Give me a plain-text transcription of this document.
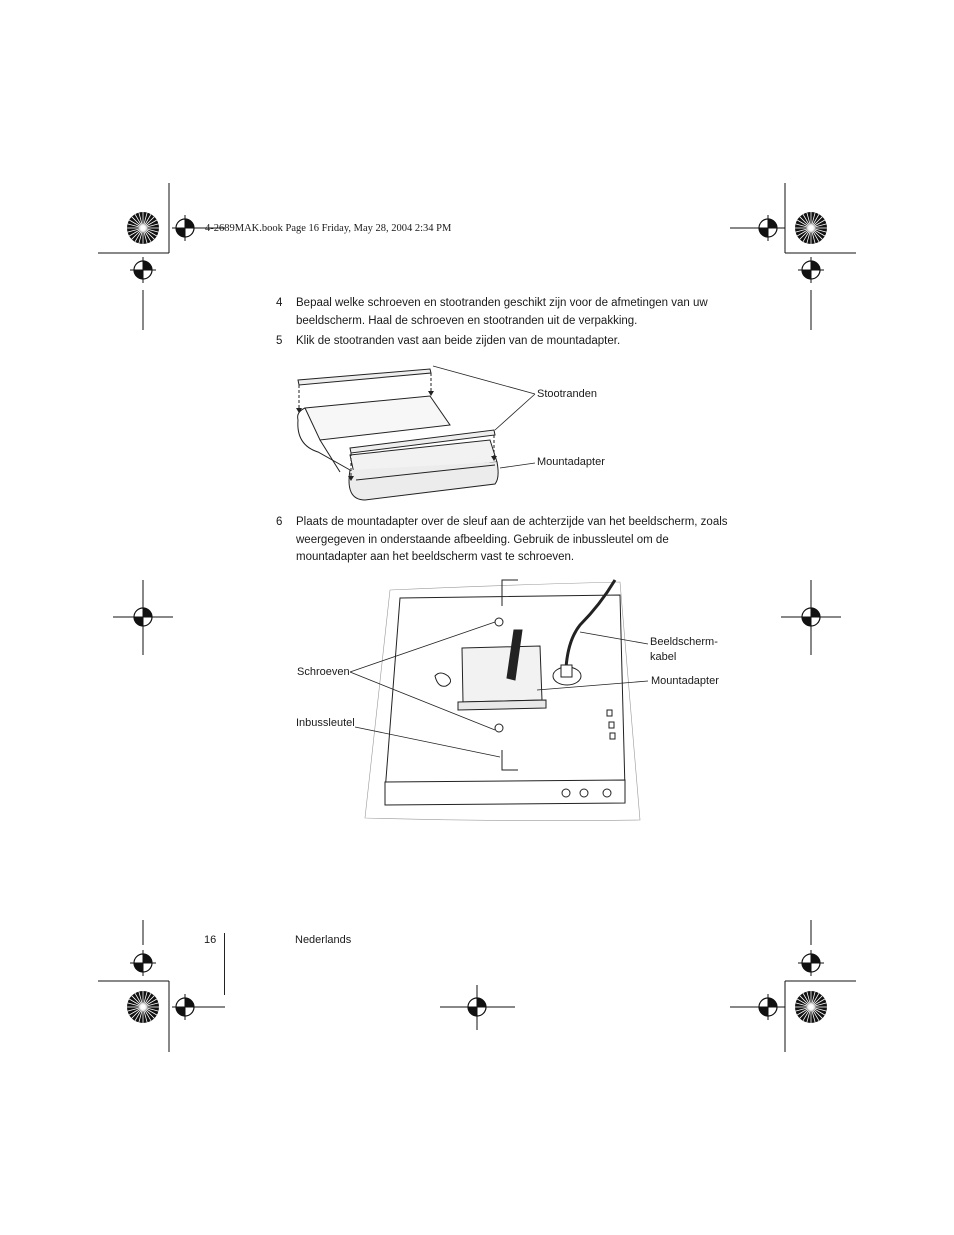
4-2689MAK.book Page 16 Friday, May 28, 2004 2:34 PM
4 Bepaal welke schroeven en stootranden geschikt zijn voor de afmetingen van uw beeldscherm. Haal de schroeven en stootranden uit de verpakking.
5 Klik de stootranden vast aan beide zijden van de mountadapter.
Stootranden
Mountadapter
6 Plaats de mountadapter over de sleuf aan de achterzijde van het beeldscherm, zoals weergegeven in onderstaande afbeelding. Gebruik de inbussleutel om de mountadapter aan het beeldscherm vast te schroeven.
Beeldscherm-
kabel
Mountadapter
Schroeven
Inbussleutel
16	Nederlands
